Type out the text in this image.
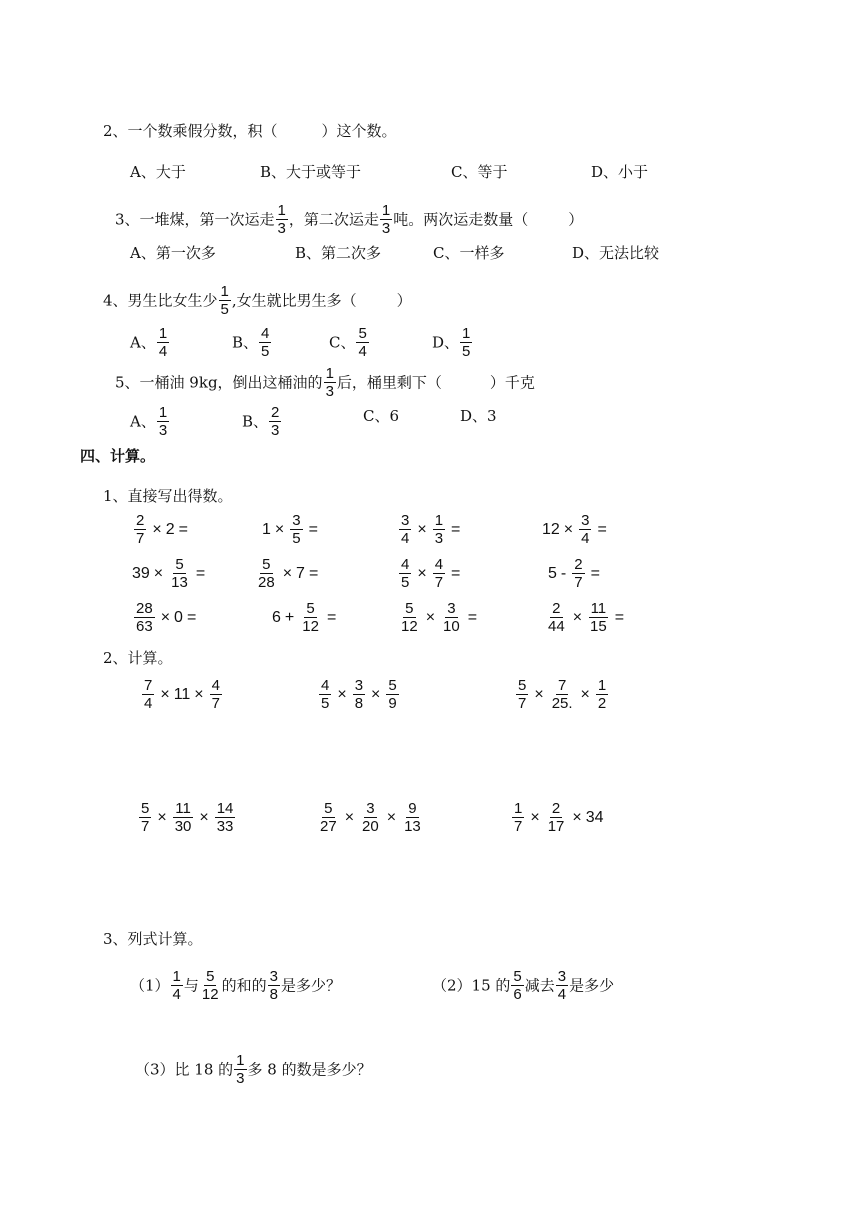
2、一个数乘假分数，积（	）这个数。
A、大于	B、大于或等于	C、等于	D、小于
3、一堆煤，第一次运走 $\frac{1}{3}$ ，第二次运走 $\frac{1}{3}$ 吨。两次运走数量（	）
A、第一次多	B、第二次多	C、一样多	D、无法比较
4、男生比女生少 $\frac{1}{5}$ ,女生就比男生多（	）
A、 $\frac{1}{4}$	B、 $\frac{4}{5}$	C、 $\frac{5}{4}$	D、 $\frac{1}{5}$
5、一桶油 9kg，倒出这桶油的 $\frac{1}{3}$ 后，桶里剩下（	）千克
A、 $\frac{1}{3}$	B、 $\frac{2}{3}$	C、6	D、3
四、计算。
1、直接写出得数。
$\frac{2}{7} \times 2$ =	$1 \times \frac{3}{5}$ =	$\frac{3}{4} \times \frac{1}{3}$ =	$12 \times \frac{3}{4}$ =
$39 \times \frac{5}{13}$ =	$\frac{5}{28} \times 7$ =	$\frac{4}{5} \times \frac{4}{7}$ =	$5 - \frac{2}{7}$ =
$\frac{28}{63} \times 0$ =	$6 + \frac{5}{12}$ =	$\frac{5}{12} \times \frac{3}{10}$ =	$\frac{2}{44} \times \frac{11}{15}$ =
2、计算。
$\frac{7}{4} \times 11 \times \frac{4}{7}$	$\frac{4}{5} \times \frac{3}{8} \times \frac{5}{9}$	$\frac{5}{7} \times \frac{7}{25.} \times \frac{1}{2}$
$\frac{5}{7} \times \frac{11}{30} \times \frac{14}{33}$	$\frac{5}{27} \times \frac{3}{20} \times \frac{9}{13}$	$\frac{1}{7} \times \frac{2}{17} \times 34$
3、列式计算。
$(1) \frac{1}{4}$ 与 $\frac{5}{12}$ 的和的 $\frac{3}{8}$ 是多少？	（2）15 的 $\frac{5}{6}$ 减去 $\frac{3}{4}$ 是多少
（3）比 18 的 $\frac{1}{3}$ 多 8 的数是多少？
